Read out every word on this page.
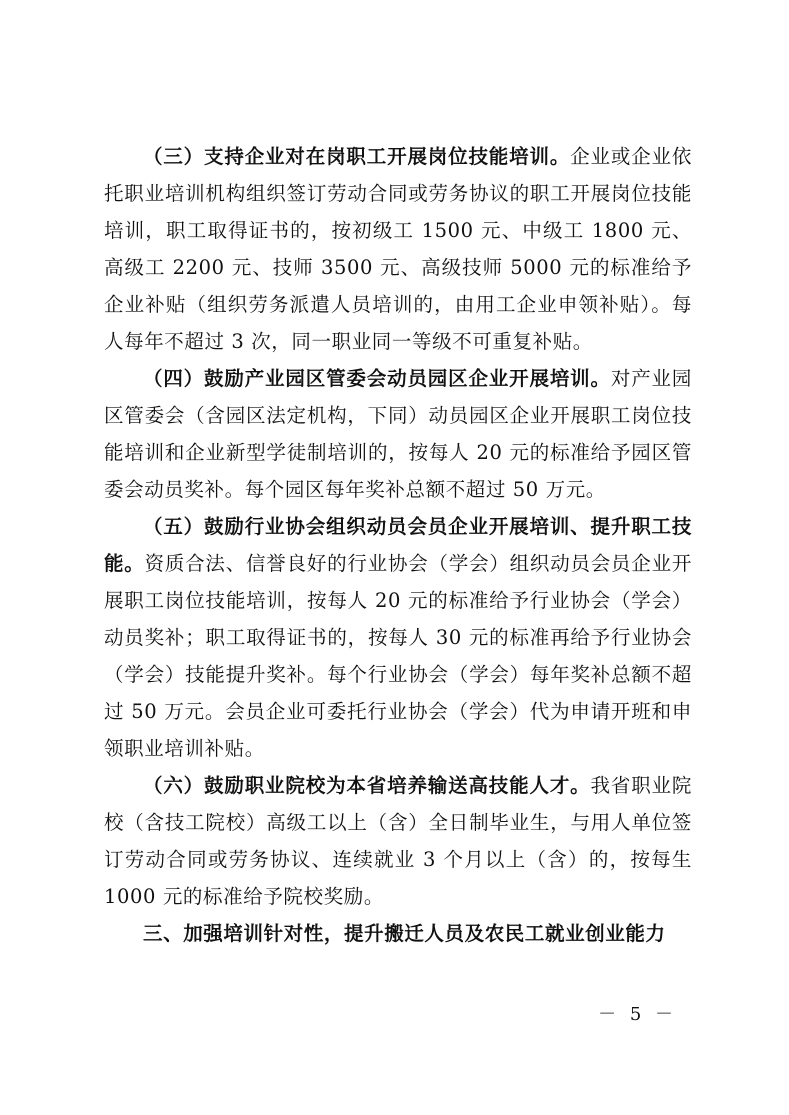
（三）支持企业对在岗职工开展岗位技能培训。企业或企业依托职业培训机构组织签订劳动合同或劳务协议的职工开展岗位技能培训，职工取得证书的，按初级工 1500 元、中级工 1800 元、高级工 2200 元、技师 3500 元、高级技师 5000 元的标准给予企业补贴（组织劳务派遣人员培训的，由用工企业申领补贴）。每人每年不超过 3 次，同一职业同一等级不可重复补贴。

（四）鼓励产业园区管委会动员园区企业开展培训。对产业园区管委会（含园区法定机构，下同）动员园区企业开展职工岗位技能培训和企业新型学徒制培训的，按每人 20 元的标准给予园区管委会动员奖补。每个园区每年奖补总额不超过 50 万元。

（五）鼓励行业协会组织动员会员企业开展培训、提升职工技能。资质合法、信誉良好的行业协会（学会）组织动员会员企业开展职工岗位技能培训，按每人 20 元的标准给予行业协会（学会）动员奖补；职工取得证书的，按每人 30 元的标准再给予行业协会（学会）技能提升奖补。每个行业协会（学会）每年奖补总额不超过 50 万元。会员企业可委托行业协会（学会）代为申请开班和申领职业培训补贴。

（六）鼓励职业院校为本省培养输送高技能人才。我省职业院校（含技工院校）高级工以上（含）全日制毕业生，与用人单位签订劳动合同或劳务协议、连续就业 3 个月以上（含）的，按每生 1000 元的标准给予院校奖励。

三、加强培训针对性，提升搬迁人员及农民工就业创业能力

－ 5 －
